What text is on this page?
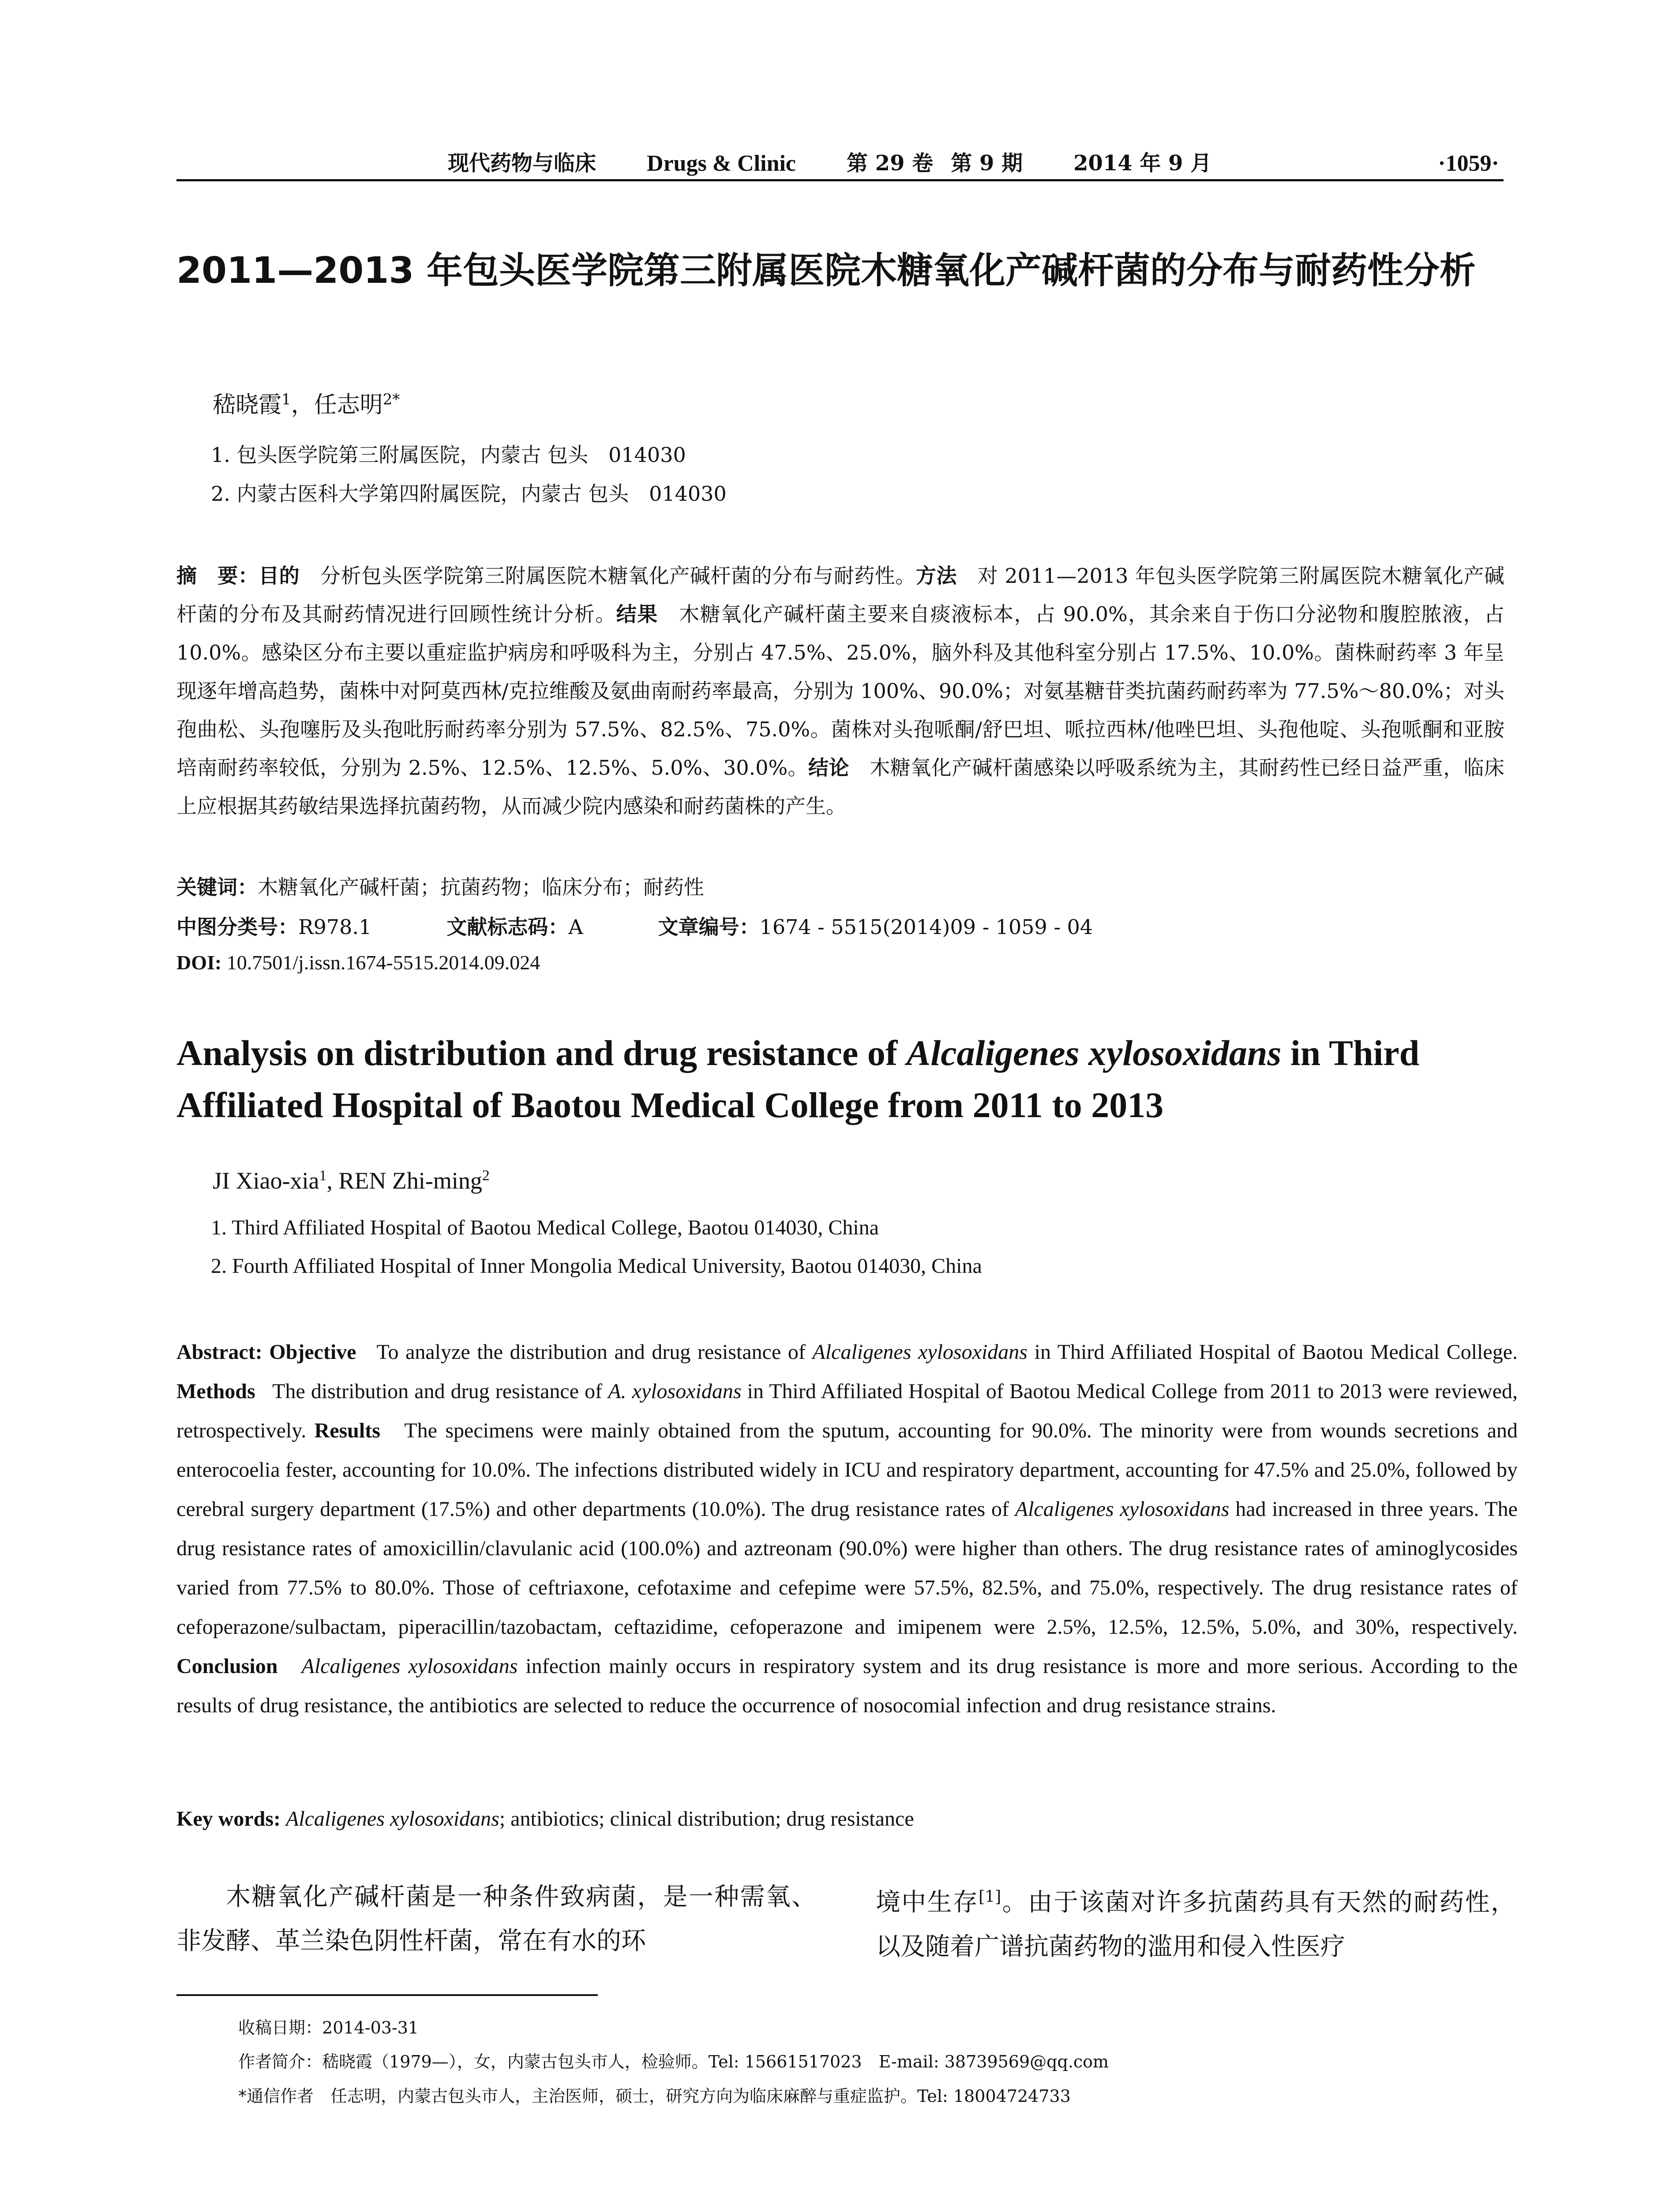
现代药物与临床 Drugs & Clinic 第 29 卷 第 9 期 2014 年 9 月	·1059·
2011—2013 年包头医学院第三附属医院木糖氧化产碱杆菌的分布与耐药性分析
嵇晓霞$^1$，任志明$^{2*}$
1. 包头医学院第三附属医院，内蒙古 包头　014030
2. 内蒙古医科大学第四附属医院，内蒙古 包头　014030
摘　要：目的　 分析包头医学院第三附属医院木糖氧化产碱杆菌的分布与耐药性。方法　 对 2011—2013 年包头医学院第三附属医院木糖氧化产碱杆菌的分布及其耐药情况进行回顾性统计分析。结果　 木糖氧化产碱杆菌主要来自痰液标本，占 90.0%，其余来自于伤口分泌物和腹腔脓液，占 10.0%。感染区分布主要以重症监护病房和呼吸科为主，分别占 47.5%、25.0%，脑外科及其他科室分别占 17.5%、10.0%。菌株耐药率 3 年呈现逐年增高趋势，菌株中对阿莫西林/克拉维酸及氨曲南耐药率最高，分别为 100%、90.0%；对氨基糖苷类抗菌药耐药率为 77.5%～80.0%；对头孢曲松、头孢噻肟及头孢吡肟耐药率分别为 57.5%、82.5%、75.0%。菌株对头孢哌酮/舒巴坦、哌拉西林/他唑巴坦、头孢他啶、头孢哌酮和亚胺培南耐药率较低，分别为 2.5%、12.5%、12.5%、5.0%、30.0%。结论　 木糖氧化产碱杆菌感染以呼吸系统为主，其耐药性已经日益严重，临床上应根据其药敏结果选择抗菌药物，从而减少院内感染和耐药菌株的产生。
关键词：木糖氧化产碱杆菌；抗菌药物；临床分布；耐药性
中图分类号：R978.1	文献标志码：A	文章编号：1674 - 5515(2014)09 - 1059 - 04
DOI: 10.7501/j.issn.1674-5515.2014.09.024
Analysis on distribution and drug resistance of Alcaligenes xylosoxidans in Third Affiliated Hospital of Baotou Medical College from 2011 to 2013
JI Xiao-xia$^1$, REN Zhi-ming$^2$
1. Third Affiliated Hospital of Baotou Medical College, Baotou 014030, China
2. Fourth Affiliated Hospital of Inner Mongolia Medical University, Baotou 014030, China
Abstract: Objective To analyze the distribution and drug resistance of Alcaligenes xylosoxidans in Third Affiliated Hospital of Baotou Medical College. Methods The distribution and drug resistance of A. xylosoxidans in Third Affiliated Hospital of Baotou Medical College from 2011 to 2013 were reviewed, retrospectively. Results The specimens were mainly obtained from the sputum, accounting for 90.0%. The minority were from wounds secretions and enterocoelia fester, accounting for 10.0%. The infections distributed widely in ICU and respiratory department, accounting for 47.5% and 25.0%, followed by cerebral surgery department (17.5%) and other departments (10.0%). The drug resistance rates of Alcaligenes xylosoxidans had increased in three years. The drug resistance rates of amoxicillin/clavulanic acid (100.0%) and aztreonam (90.0%) were higher than others. The drug resistance rates of aminoglycosides varied from 77.5% to 80.0%. Those of ceftriaxone, cefotaxime and cefepime were 57.5%, 82.5%, and 75.0%, respectively. The drug resistance rates of cefoperazone/sulbactam, piperacillin/tazobactam, ceftazidime, cefoperazone and imipenem were 2.5%, 12.5%, 12.5%, 5.0%, and 30%, respectively. Conclusion Alcaligenes xylosoxidans infection mainly occurs in respiratory system and its drug resistance is more and more serious. According to the results of drug resistance, the antibiotics are selected to reduce the occurrence of nosocomial infection and drug resistance strains.
Key words: Alcaligenes xylosoxidans; antibiotics; clinical distribution; drug resistance
木糖氧化产碱杆菌是一种条件致病菌，是一种需氧、非发酵、革兰染色阴性杆菌，常在有水的环
境中生存[1]。由于该菌对许多抗菌药具有天然的耐药性，以及随着广谱抗菌药物的滥用和侵入性医疗
收稿日期：2014-03-31
作者简介：嵇晓霞（1979—），女，内蒙古包头市人，检验师。Tel: 15661517023　E-mail: 38739569@qq.com
*通信作者　任志明，内蒙古包头市人，主治医师，硕士，研究方向为临床麻醉与重症监护。Tel: 18004724733
